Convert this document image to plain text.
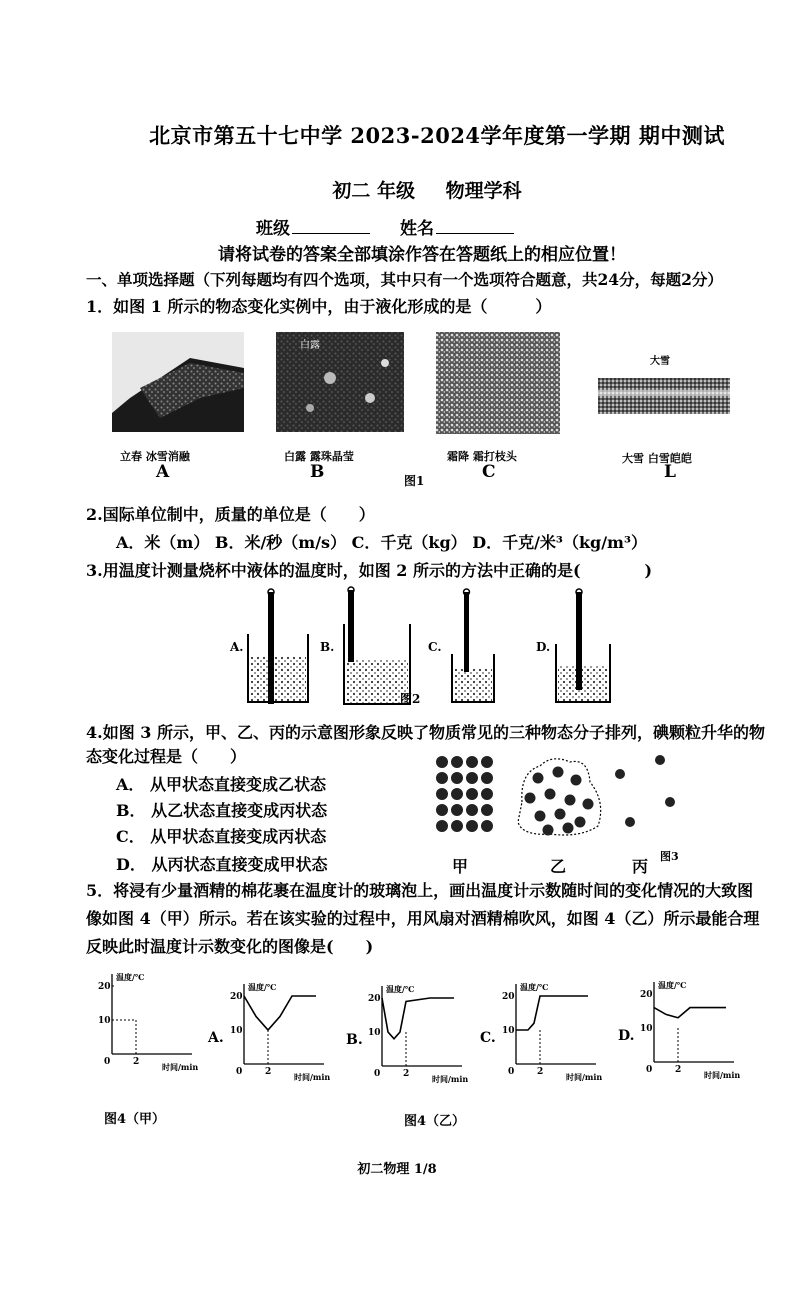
北京市第五十七中学 2023-2024学年度第一学期 期中测试
初二 年级 物理学科
班级	姓名
请将试卷的答案全部填涂作答在答题纸上的相应位置！
一、单项选择题（下列每题均有四个选项，其中只有一个选项符合题意，共24分，每题2分）
1．如图 1 所示的物态变化实例中，由于液化形成的是（　　　）
白露
大雪
立春 冰雪消融
A
白露 露珠晶莹
B
霜降 霜打枝头
C
大雪 白雪皑皑
L
图1
2.国际单位制中，质量的单位是（　　）
A．米（m） B．米/秒（m/s） C．千克（kg） D．千克/米³（kg/m³）
3.用温度计测量烧杯中液体的温度时，如图 2 所示的方法中正确的是(　　　　)
A.	B.	C.	D.
图2
4.如图 3 所示，甲、乙、丙的示意图形象反映了物质常见的三种物态分子排列，碘颗粒升华的物
态变化过程是（　　）
A． 从甲状态直接变成乙状态
B． 从乙状态直接变成丙状态
C． 从甲状态直接变成丙状态
D． 从丙状态直接变成甲状态	甲	乙	丙
图3
5．将浸有少量酒精的棉花裹在温度计的玻璃泡上，画出温度计示数随时间的变化情况的大致图
像如图 4（甲）所示。若在该实验的过程中，用风扇对酒精棉吹风，如图 4（乙）所示最能合理
反映此时温度计示数变化的图像是(　　)
20
10
0	2
温度/℃
时间/min
20
10
0	2
温度/℃
时间/min
A.
20
10
0	2
温度/℃
时间/min
B.
20
10
0	2
温度/℃
时间/min
C.
20
10
0	2
温度/℃
时间/min
D.
图4（甲）	图4（乙）
初二物理 1/8
